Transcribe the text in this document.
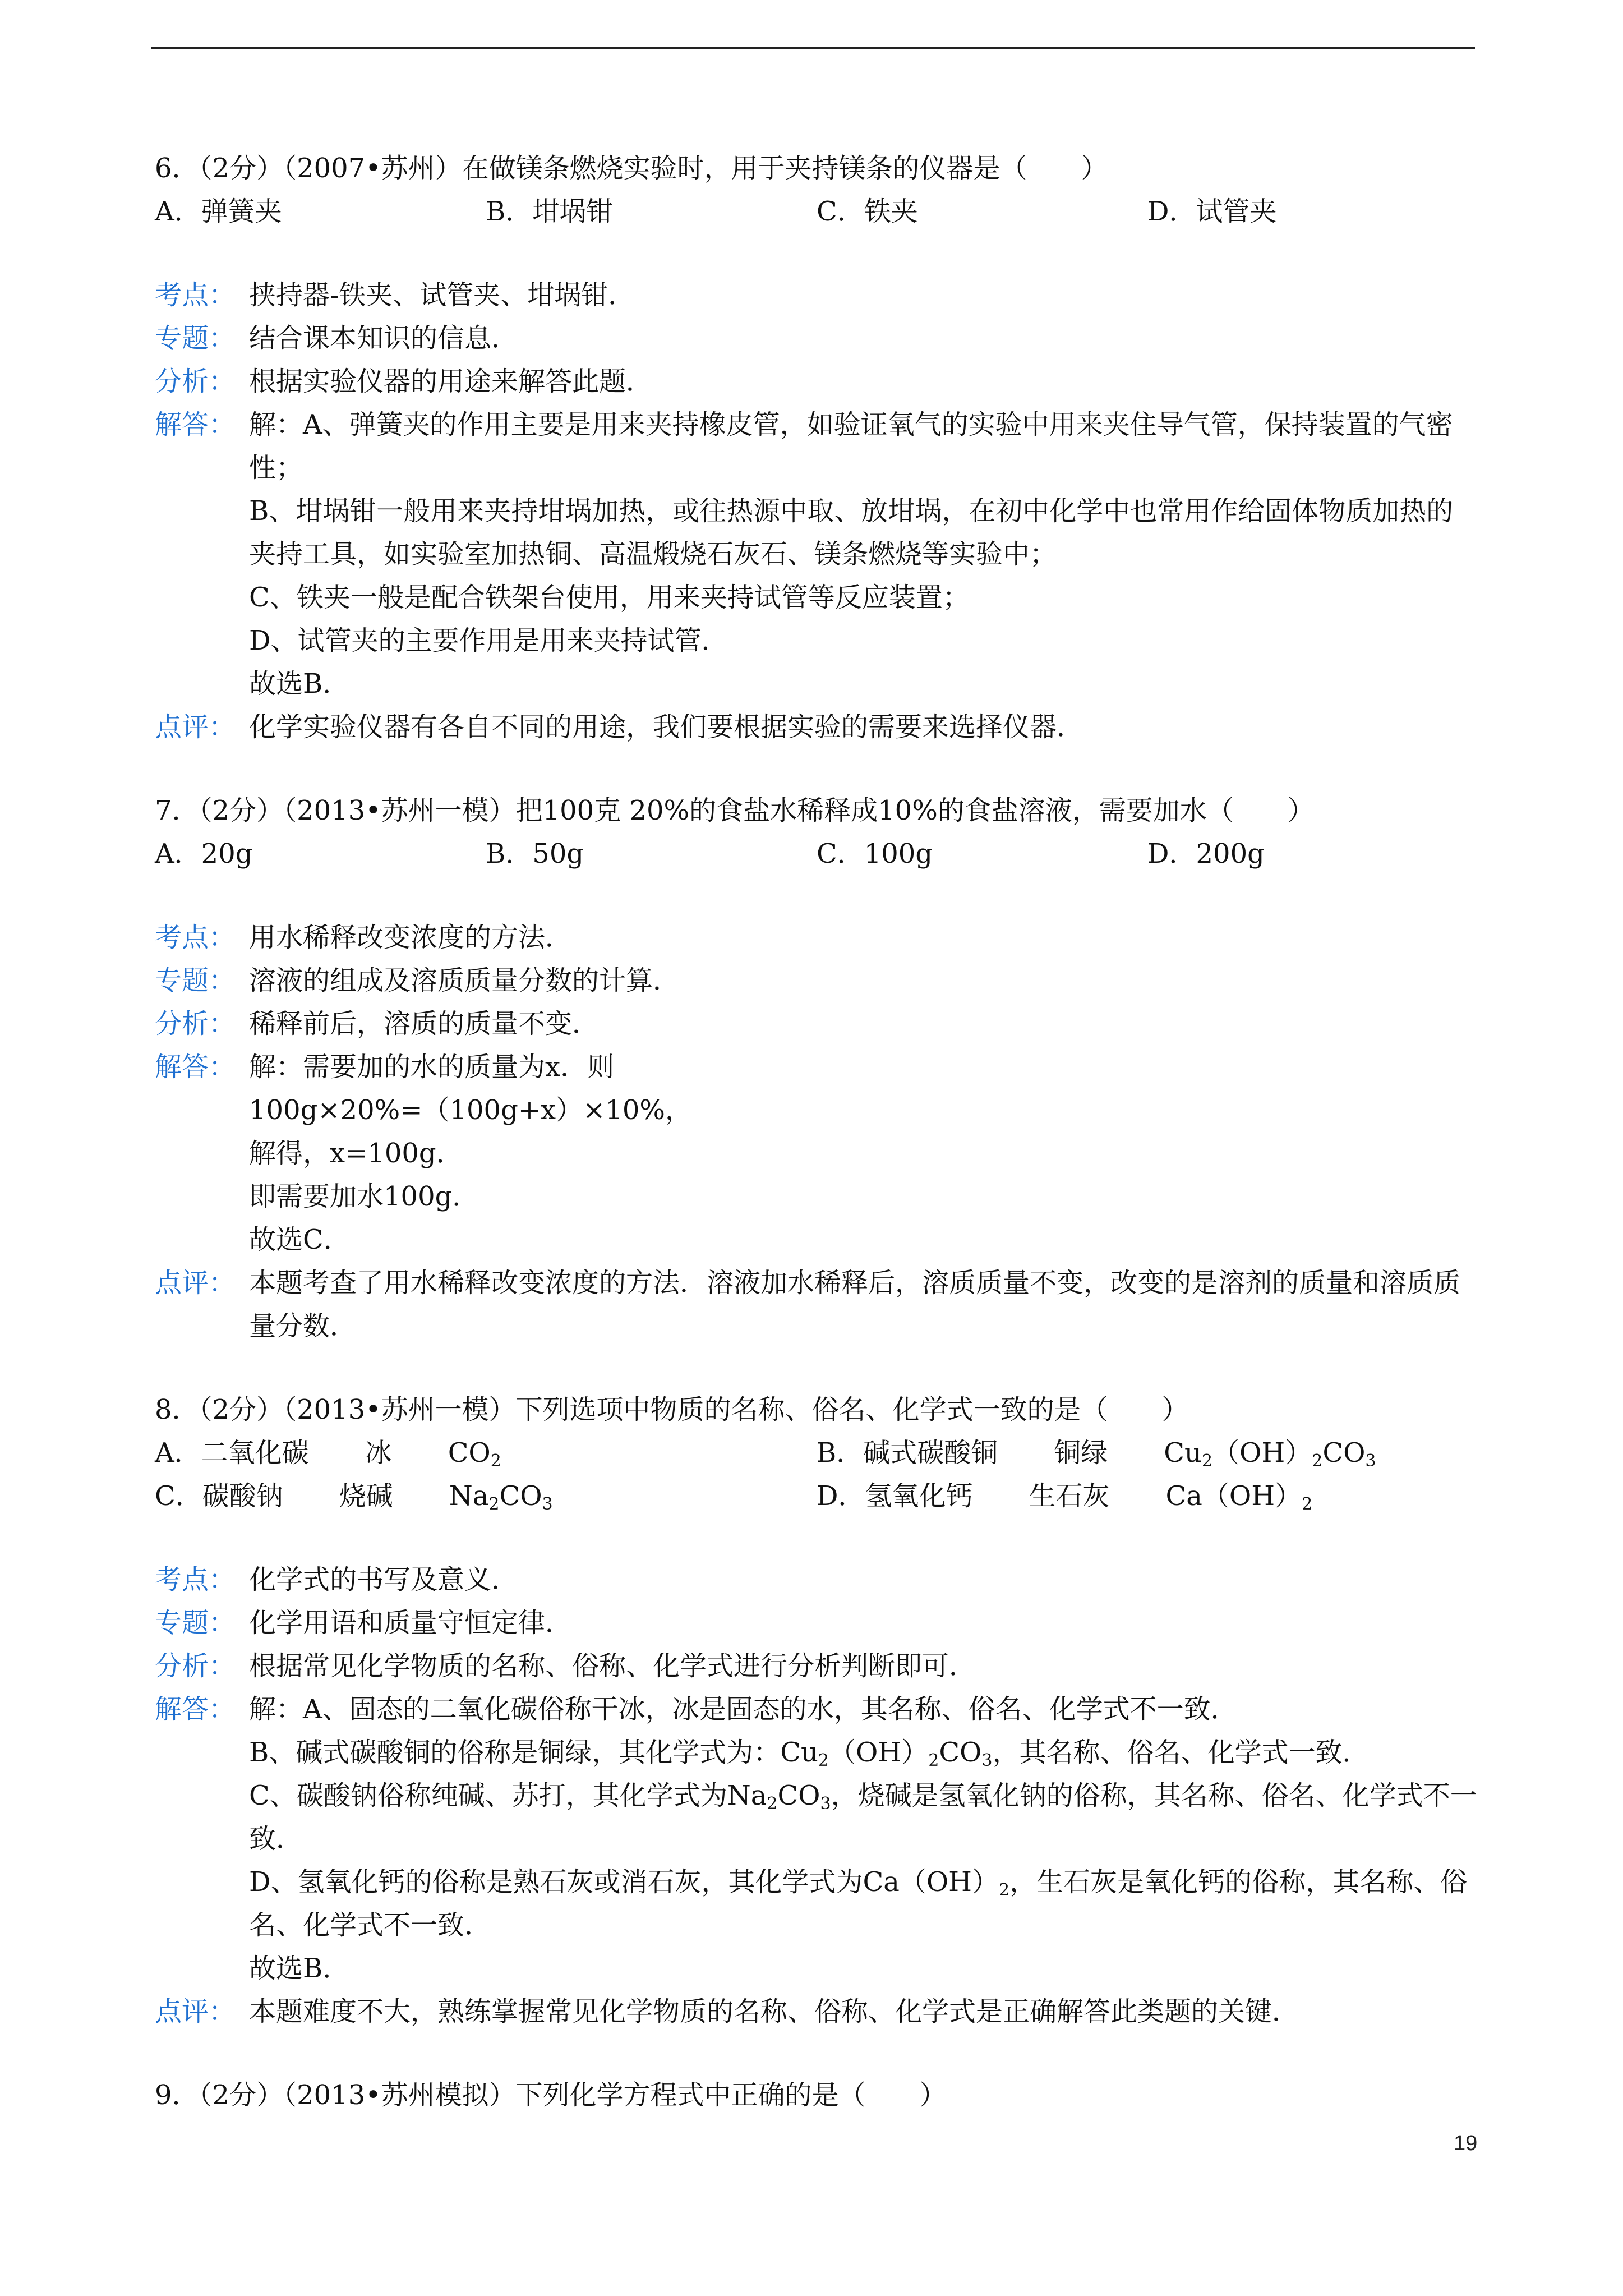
6．（2分）（2007•苏州）在做镁条燃烧实验时，用于夹持镁条的仪器是（　　）
A．弹簧夹	B．坩埚钳	C．铁夹	D．试管夹
考点： 挟持器-铁夹、试管夹、坩埚钳．
专题： 结合课本知识的信息．
分析： 根据实验仪器的用途来解答此题．
解答： 解：A、弹簧夹的作用主要是用来夹持橡皮管，如验证氧气的实验中用来夹住导气管，保持装置的气密性；

B、坩埚钳一般用来夹持坩埚加热，或往热源中取、放坩埚，在初中化学中也常用作给固体物质加热的夹持工具，如实验室加热铜、高温煅烧石灰石、镁条燃烧等实验中；

C、铁夹一般是配合铁架台使用，用来夹持试管等反应装置；

D、试管夹的主要作用是用来夹持试管．

故选B．

点评： 化学实验仪器有各自不同的用途，我们要根据实验的需要来选择仪器．
7．（2分）（2013•苏州一模）把100克 20%的食盐水稀释成10%的食盐溶液，需要加水（　　）
A．20g	B．50g	C．100g	D．200g
考点： 用水稀释改变浓度的方法．
专题： 溶液的组成及溶质质量分数的计算．
分析： 稀释前后，溶质的质量不变．
解答： 解：需要加的水的质量为x．则

100g×20%=（100g+x）×10%，

解得，x=100g．

即需要加水100g．

故选C．

点评： 本题考查了用水稀释改变浓度的方法．溶液加水稀释后，溶质质量不变，改变的是溶剂的质量和溶质质量分数．
8．（2分）（2013•苏州一模）下列选项中物质的名称、俗名、化学式一致的是（　　）
A．二氧化碳 冰 $CO_2$	B．碱式碳酸铜 铜绿 $Cu_2(OH)_2CO_3$
C．碳酸钠 烧碱 $Na_2CO_3$	D．氢氧化钙 生石灰 $Ca(OH)_2$
考点： 化学式的书写及意义．
专题： 化学用语和质量守恒定律．
分析： 根据常见化学物质的名称、俗称、化学式进行分析判断即可．
解答： 解：A、固态的二氧化碳俗称干冰，冰是固态的水，其名称、俗名、化学式不一致．

B、碱式碳酸铜的俗称是铜绿，其化学式为：$Cu_2(OH)_2CO_3$，其名称、俗名、化学式一致．

C、碳酸钠俗称纯碱、苏打，其化学式为$Na_2CO_3$，烧碱是氢氧化钠的俗称，其名称、俗名、化学式不一致．

D、氢氧化钙的俗称是熟石灰或消石灰，其化学式为$Ca(OH)_2$，生石灰是氧化钙的俗称，其名称、俗名、化学式不一致．

故选B．

点评： 本题难度不大，熟练掌握常见化学物质的名称、俗称、化学式是正确解答此类题的关键．
9．（2分）（2013•苏州模拟）下列化学方程式中正确的是（　　）
19
